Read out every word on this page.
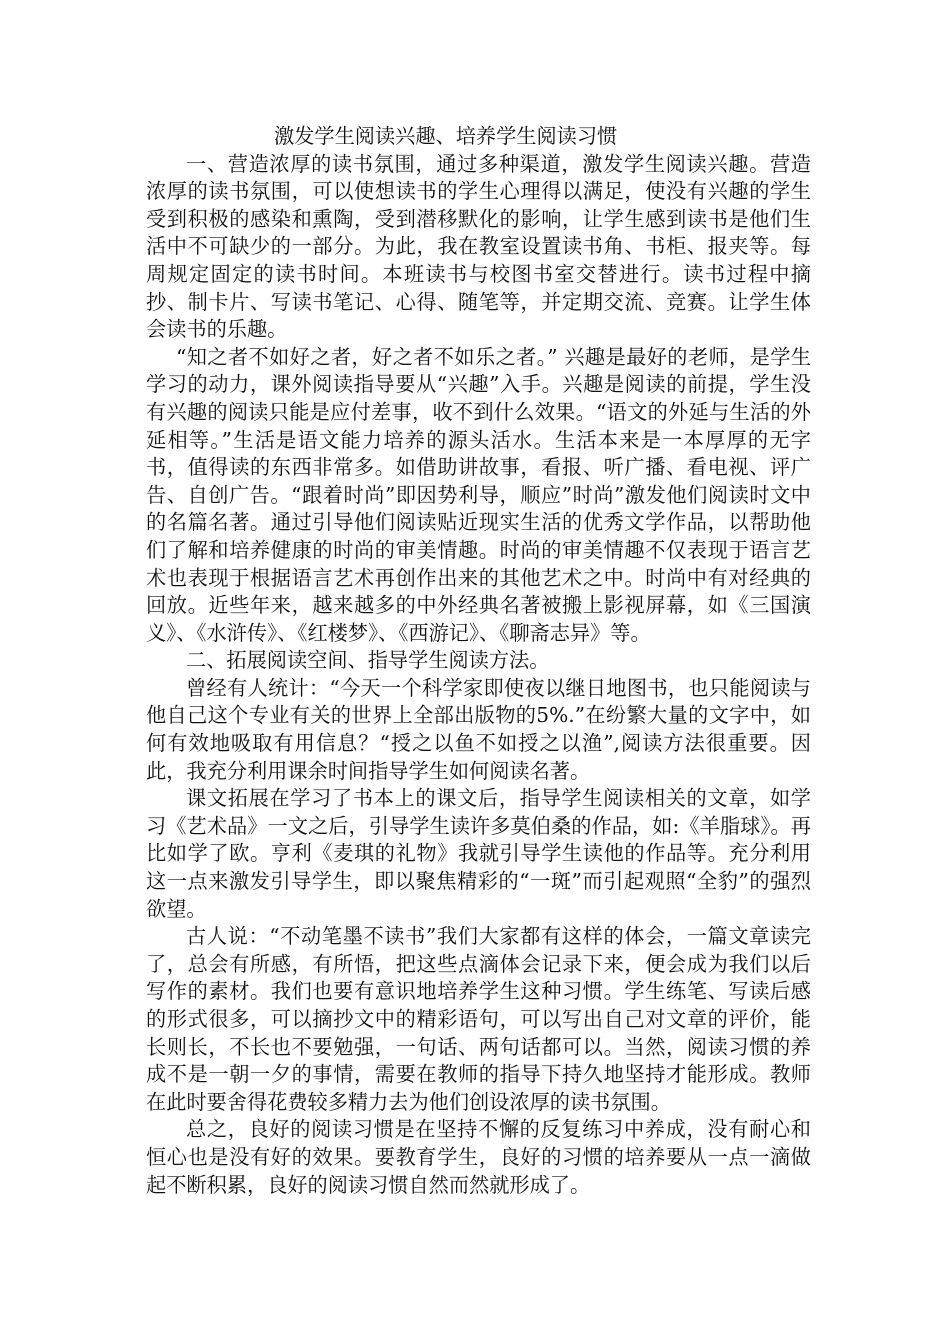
激发学生阅读兴趣、培养学生阅读习惯

一、营造浓厚的读书氛围，通过多种渠道，激发学生阅读兴趣。营造浓厚的读书氛围，可以使想读书的学生心理得以满足，使没有兴趣的学生受到积极的感染和熏陶，受到潜移默化的影响，让学生感到读书是他们生活中不可缺少的一部分。为此，我在教室设置读书角、书柜、报夹等。每周规定固定的读书时间。本班读书与校图书室交替进行。读书过程中摘抄、制卡片、写读书笔记、心得、随笔等，并定期交流、竞赛。让学生体会读书的乐趣。

“知之者不如好之者，好之者不如乐之者。” 兴趣是最好的老师，是学生学习的动力，课外阅读指导要从“兴趣”入手。兴趣是阅读的前提，学生没有兴趣的阅读只能是应付差事，收不到什么效果。“语文的外延与生活的外延相等。”生活是语文能力培养的源头活水。生活本来是一本厚厚的无字书，值得读的东西非常多。如借助讲故事，看报、听广播、看电视、评广告、自创广告。“跟着时尚”即因势利导，顺应”时尚”激发他们阅读时文中的名篇名著。通过引导他们阅读贴近现实生活的优秀文学作品，以帮助他们了解和培养健康的时尚的审美情趣。时尚的审美情趣不仅表现于语言艺术也表现于根据语言艺术再创作出来的其他艺术之中。时尚中有对经典的回放。近些年来，越来越多的中外经典名著被搬上影视屏幕，如《三国演义》、《水浒传》、《红楼梦》、《西游记》、《聊斋志异》等。

二、拓展阅读空间、指导学生阅读方法。

曾经有人统计：“今天一个科学家即使夜以继日地图书，也只能阅读与他自己这个专业有关的世界上全部出版物的5%.”在纷繁大量的文字中，如何有效地吸取有用信息？“授之以鱼不如授之以渔”,阅读方法很重要。因此，我充分利用课余时间指导学生如何阅读名著。

课文拓展在学习了书本上的课文后，指导学生阅读相关的文章，如学习《艺术品》一文之后，引导学生读许多莫伯桑的作品，如:《羊脂球》。再比如学了欧。亨利《麦琪的礼物》我就引导学生读他的作品等。充分利用这一点来激发引导学生，即以聚焦精彩的“一斑”而引起观照“全豹”的强烈欲望。

古人说：“不动笔墨不读书”我们大家都有这样的体会，一篇文章读完了，总会有所感，有所悟，把这些点滴体会记录下来，便会成为我们以后写作的素材。我们也要有意识地培养学生这种习惯。学生练笔、写读后感的形式很多，可以摘抄文中的精彩语句，可以写出自己对文章的评价，能长则长，不长也不要勉强，一句话、两句话都可以。当然，阅读习惯的养成不是一朝一夕的事情，需要在教师的指导下持久地坚持才能形成。教师在此时要舍得花费较多精力去为他们创设浓厚的读书氛围。

总之，良好的阅读习惯是在坚持不懈的反复练习中养成，没有耐心和恒心也是没有好的效果。要教育学生，良好的习惯的培养要从一点一滴做起不断积累，良好的阅读习惯自然而然就形成了。
